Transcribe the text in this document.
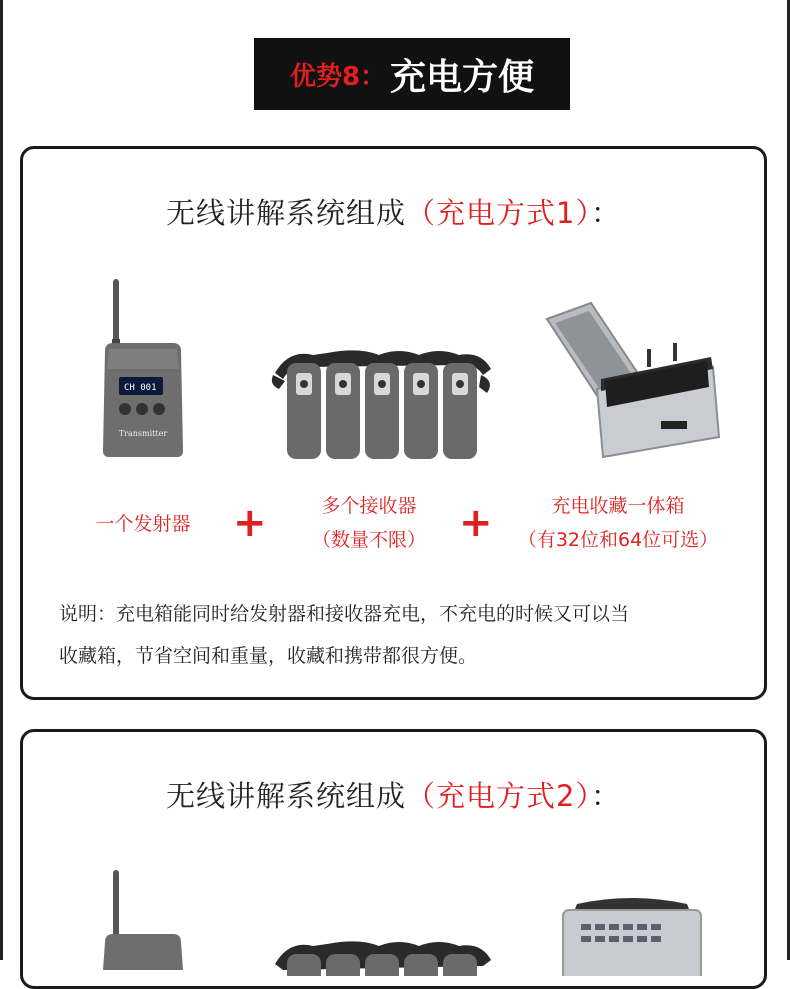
优势8： 充电方便
无线讲解系统组成（充电方式1）：
CH 001
Transmitter
一个发射器	+	多个接收器
（数量不限） +	充电收藏一体箱
（有32位和64位可选）
说明：充电箱能同时给发射器和接收器充电，不充电的时候又可以当
收藏箱，节省空间和重量，收藏和携带都很方便。
无线讲解系统组成（充电方式2）：
